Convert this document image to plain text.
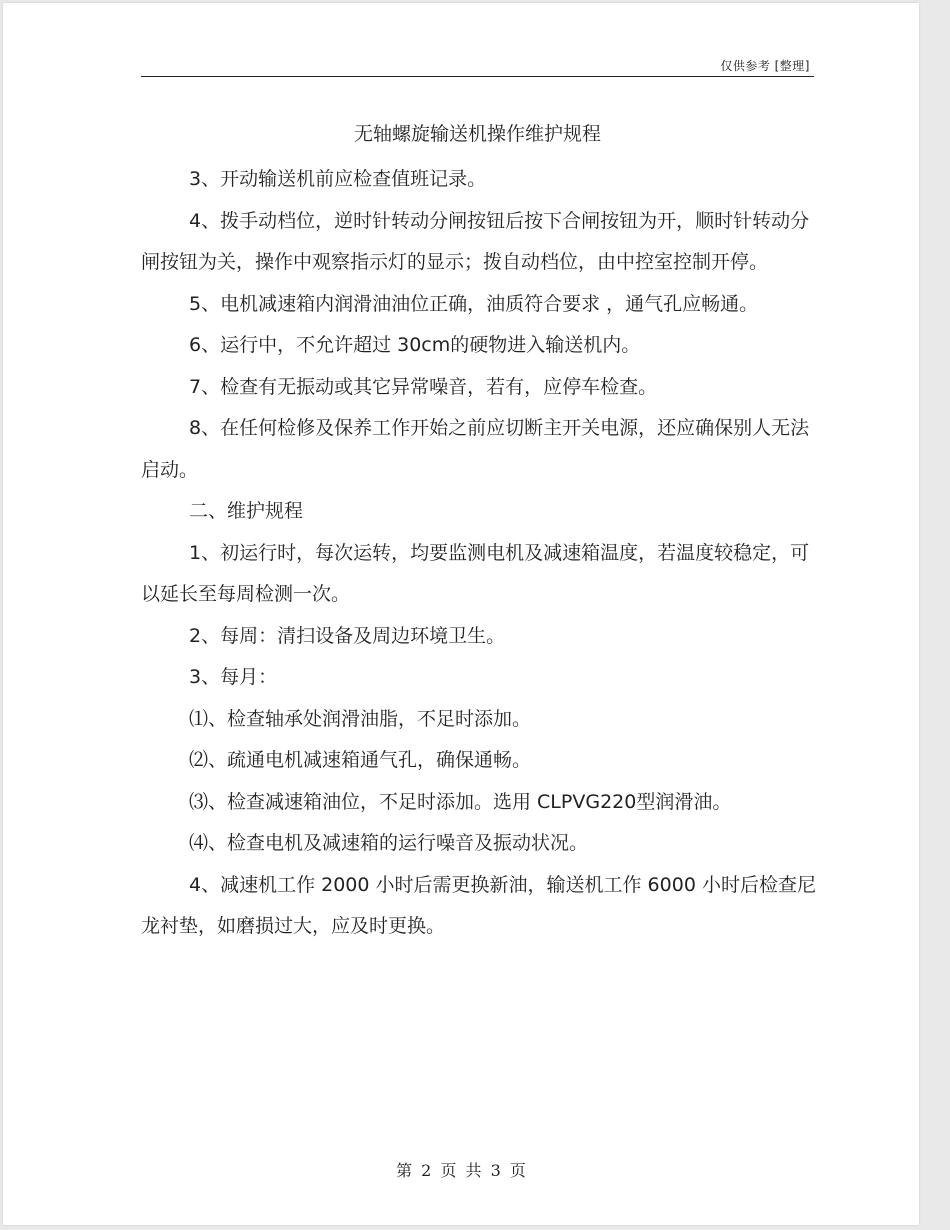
仅供参考 [整理]
无轴螺旋输送机操作维护规程

3、开动输送机前应检查值班记录。

4、拨手动档位，逆时针转动分闸按钮后按下合闸按钮为开，顺时针转动分闸按钮为关，操作中观察指示灯的显示；拨自动档位，由中控室控制开停。

5、电机减速箱内润滑油油位正确，油质符合要求 ，通气孔应畅通。

6、运行中，不允许超过 30cm的硬物进入输送机内。

7、检查有无振动或其它异常噪音，若有，应停车检查。

8、在任何检修及保养工作开始之前应切断主开关电源，还应确保别人无法启动。

二、维护规程

1、初运行时，每次运转，均要监测电机及减速箱温度，若温度较稳定，可以延长至每周检测一次。

2、每周：清扫设备及周边环境卫生。

3、每月：

⑴、检查轴承处润滑油脂，不足时添加。

⑵、疏通电机减速箱通气孔，确保通畅。

⑶、检查减速箱油位，不足时添加。选用 CLPVG220型润滑油。

⑷、检查电机及减速箱的运行噪音及振动状况。

4、减速机工作 2000 小时后需更换新油，输送机工作 6000 小时后检查尼龙衬垫，如磨损过大，应及时更换。

第 2 页 共 3 页
